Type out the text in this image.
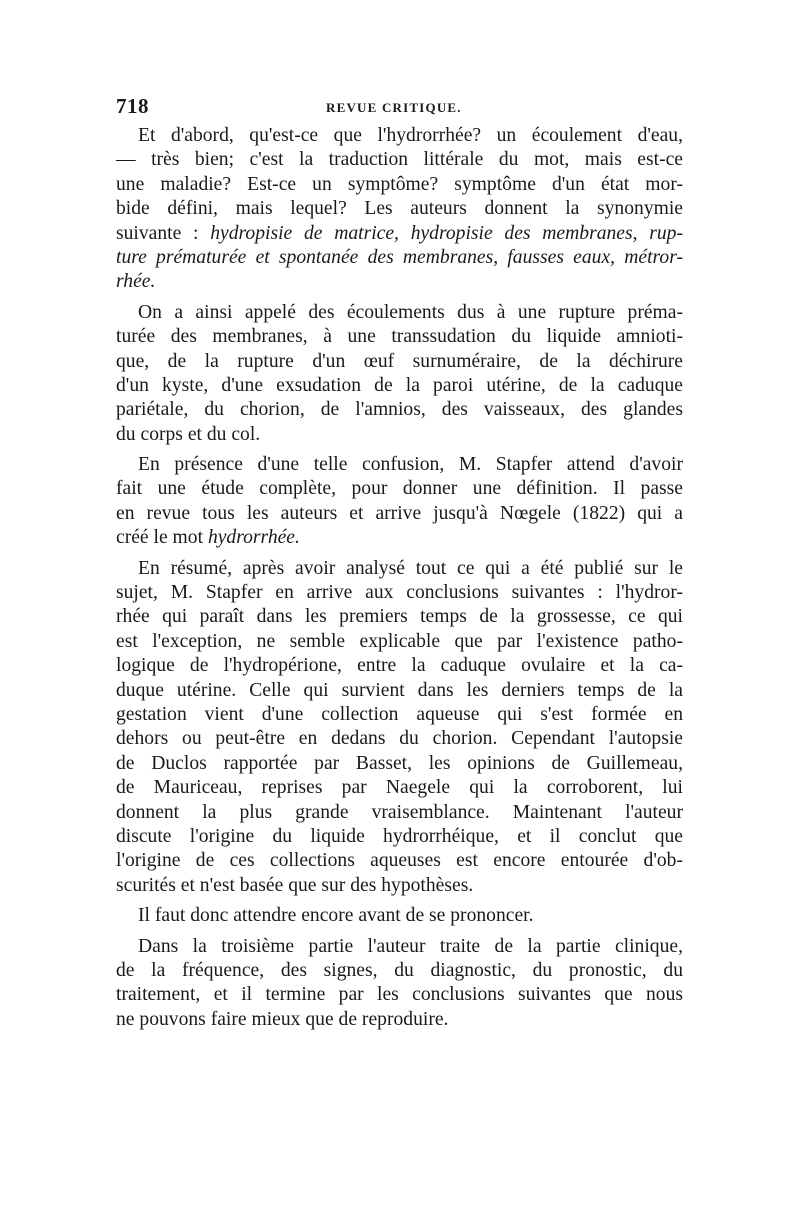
718	REVUE CRITIQUE.
Et d'abord, qu'est-ce que l'hydrorrhée? un écoulement d'eau,
— très bien; c'est la traduction littérale du mot, mais est-ce
une maladie? Est-ce un symptôme? symptôme d'un état mor-
bide défini, mais lequel? Les auteurs donnent la synonymie
suivante : hydropisie de matrice, hydropisie des membranes, rup-
ture prématurée et spontanée des membranes, fausses eaux, métror-
rhée.
On a ainsi appelé des écoulements dus à une rupture préma-
turée des membranes, à une transsudation du liquide amnioti-
que, de la rupture d'un œuf surnuméraire, de la déchirure
d'un kyste, d'une exsudation de la paroi utérine, de la caduque
pariétale, du chorion, de l'amnios, des vaisseaux, des glandes
du corps et du col.
En présence d'une telle confusion, M. Stapfer attend d'avoir
fait une étude complète, pour donner une définition. Il passe
en revue tous les auteurs et arrive jusqu'à Nœgele (1822) qui a
créé le mot hydrorrhée.
En résumé, après avoir analysé tout ce qui a été publié sur le
sujet, M. Stapfer en arrive aux conclusions suivantes : l'hydror-
rhée qui paraît dans les premiers temps de la grossesse, ce qui
est l'exception, ne semble explicable que par l'existence patho-
logique de l'hydropérione, entre la caduque ovulaire et la ca-
duque utérine. Celle qui survient dans les derniers temps de la
gestation vient d'une collection aqueuse qui s'est formée en
dehors ou peut-être en dedans du chorion. Cependant l'autopsie
de Duclos rapportée par Basset, les opinions de Guillemeau,
de Mauriceau, reprises par Naegele qui la corroborent, lui
donnent la plus grande vraisemblance. Maintenant l'auteur
discute l'origine du liquide hydrorrhéique, et il conclut que
l'origine de ces collections aqueuses est encore entourée d'ob-
scurités et n'est basée que sur des hypothèses.
Il faut donc attendre encore avant de se prononcer.
Dans la troisième partie l'auteur traite de la partie clinique,
de la fréquence, des signes, du diagnostic, du pronostic, du
traitement, et il termine par les conclusions suivantes que nous
ne pouvons faire mieux que de reproduire.
